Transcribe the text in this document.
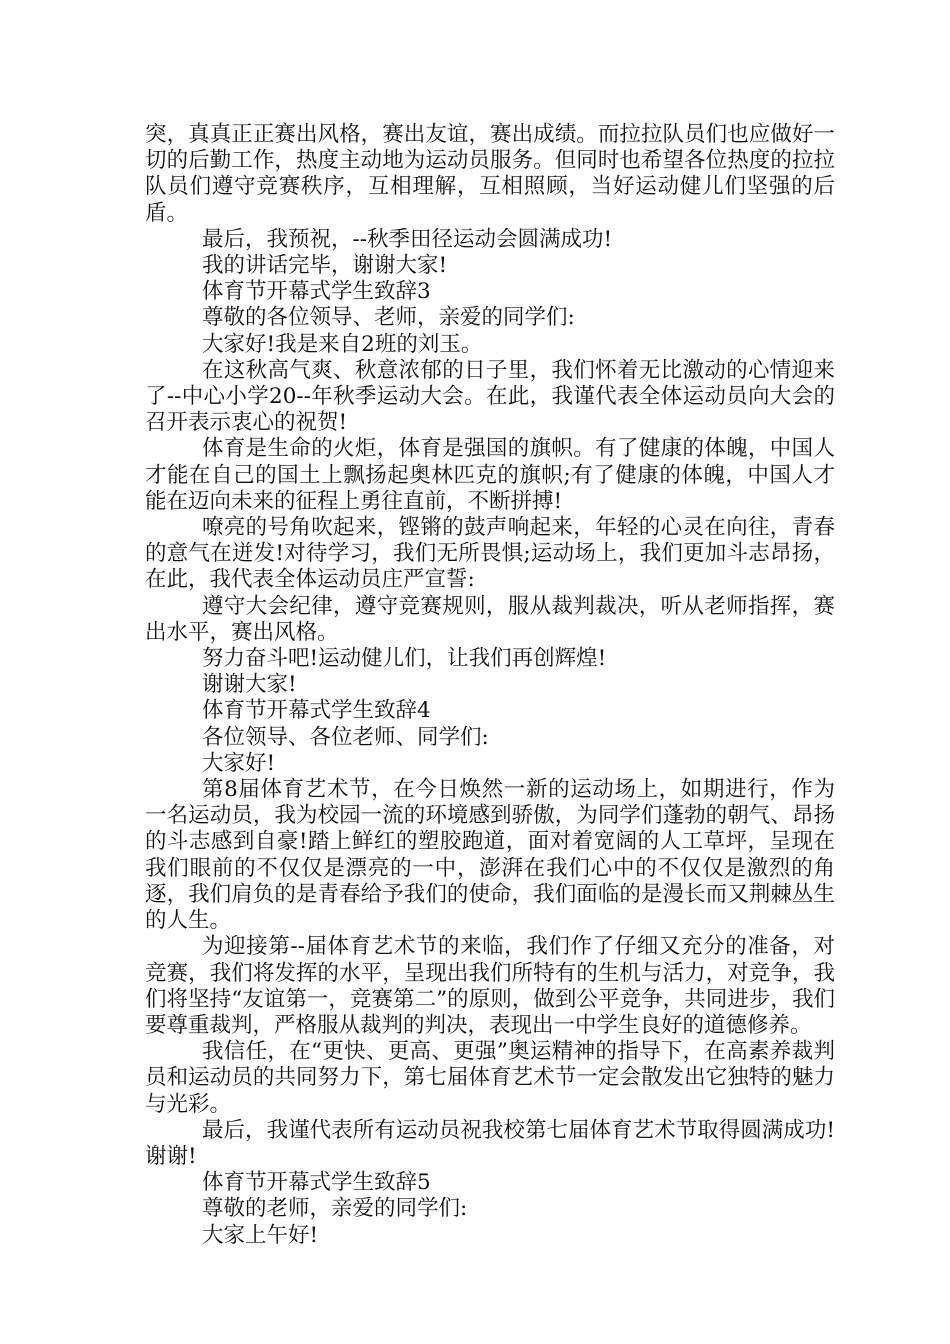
突，真真正正赛出风格，赛出友谊，赛出成绩。而拉拉队员们也应做好一切的后勤工作，热度主动地为运动员服务。但同时也希望各位热度的拉拉队员们遵守竞赛秩序，互相理解，互相照顾，当好运动健儿们坚强的后盾。

最后，我预祝，--秋季田径运动会圆满成功!

我的讲话完毕，谢谢大家!

体育节开幕式学生致辞3

尊敬的各位领导、老师，亲爱的同学们:

大家好!我是来自2班的刘玉。

在这秋高气爽、秋意浓郁的日子里，我们怀着无比激动的心情迎来了--中心小学20--年秋季运动大会。在此，我谨代表全体运动员向大会的召开表示衷心的祝贺!

体育是生命的火炬，体育是强国的旗帜。有了健康的体魄，中国人才能在自己的国土上飘扬起奥林匹克的旗帜;有了健康的体魄，中国人才能在迈向未来的征程上勇往直前，不断拼搏!

嘹亮的号角吹起来，铿锵的鼓声响起来，年轻的心灵在向往，青春的意气在迸发!对待学习，我们无所畏惧;运动场上，我们更加斗志昂扬，在此，我代表全体运动员庄严宣誓:

遵守大会纪律，遵守竞赛规则，服从裁判裁决，听从老师指挥，赛出水平，赛出风格。

努力奋斗吧!运动健儿们，让我们再创辉煌!

谢谢大家!

体育节开幕式学生致辞4

各位领导、各位老师、同学们:

大家好!

第8届体育艺术节，在今日焕然一新的运动场上，如期进行，作为一名运动员，我为校园一流的环境感到骄傲，为同学们蓬勃的朝气、昂扬的斗志感到自豪!踏上鲜红的塑胶跑道，面对着宽阔的人工草坪，呈现在我们眼前的不仅仅是漂亮的一中，澎湃在我们心中的不仅仅是激烈的角逐，我们肩负的是青春给予我们的使命，我们面临的是漫长而又荆棘丛生的人生。

为迎接第--届体育艺术节的来临，我们作了仔细又充分的准备，对竞赛，我们将发挥的水平，呈现出我们所特有的生机与活力，对竞争，我们将坚持“友谊第一，竞赛第二”的原则，做到公平竞争，共同进步，我们要尊重裁判，严格服从裁判的判决，表现出一中学生良好的道德修养。

我信任，在“更快、更高、更强”奥运精神的指导下，在高素养裁判员和运动员的共同努力下，第七届体育艺术节一定会散发出它独特的魅力与光彩。

最后，我谨代表所有运动员祝我校第七届体育艺术节取得圆满成功!谢谢!

体育节开幕式学生致辞5

尊敬的老师，亲爱的同学们:

大家上午好!
